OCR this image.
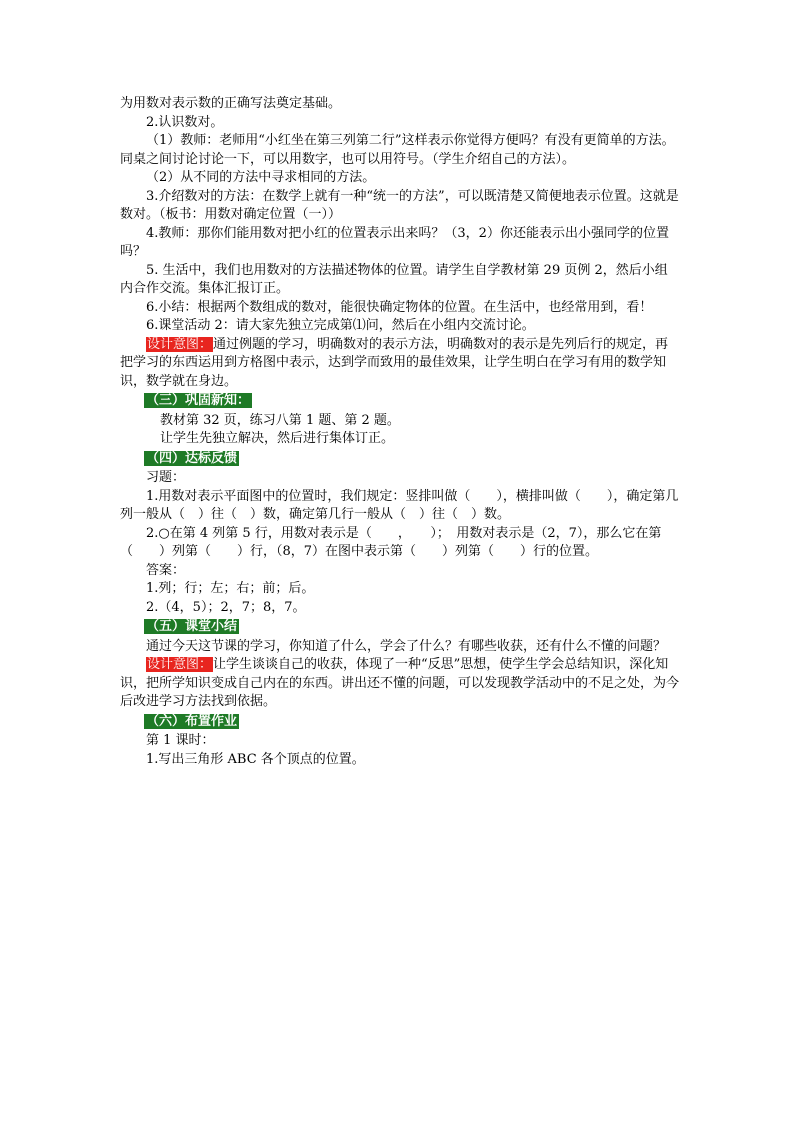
为用数对表示数的正确写法奠定基础。

2.认识数对。

（1）教师：老师用“小红坐在第三列第二行”这样表示你觉得方便吗？有没有更简单的方法。同桌之间讨论讨论一下，可以用数字，也可以用符号。（学生介绍自己的方法）。

（2）从不同的方法中寻求相同的方法。

3.介绍数对的方法：在数学上就有一种“统一的方法”，可以既清楚又简便地表示位置。这就是数对。（板书：用数对确定位置（一））

4.教师：那你们能用数对把小红的位置表示出来吗？（3，2）你还能表示出小强同学的位置吗？

5. 生活中，我们也用数对的方法描述物体的位置。请学生自学教材第 29 页例 2，然后小组内合作交流。集体汇报订正。

6.小结：根据两个数组成的数对，能很快确定物体的位置。在生活中，也经常用到，看！

6.课堂活动 2：请大家先独立完成第⑴问，然后在小组内交流讨论。

设计意图：通过例题的学习，明确数对的表示方法，明确数对的表示是先列后行的规定，再把学习的东西运用到方格图中表示，达到学而致用的最佳效果，让学生明白在学习有用的数学知识，数学就在身边。

（三）巩固新知：

教材第 32 页，练习八第 1 题、第 2 题。

让学生先独立解决，然后进行集体订正。

（四）达标反馈

习题：

1.用数对表示平面图中的位置时，我们规定：竖排叫做（　　），横排叫做（　　），确定第几列一般从（　）往（　）数，确定第几行一般从（　）往（　）数。

2.○在第 4 列第 5 行，用数对表示是（　　，　　）；　用数对表示是（2，7），那么它在第（　　）列第（　　）行，（8，7）在图中表示第（　　）列第（　　）行的位置。

答案：

1.列；行；左；右；前；后。

2.（4，5）；2，7；8，7。

（五）课堂小结

通过今天这节课的学习，你知道了什么，学会了什么？有哪些收获，还有什么不懂的问题？

设计意图：让学生谈谈自己的收获，体现了一种“反思”思想，使学生学会总结知识，深化知识，把所学知识变成自己内在的东西。讲出还不懂的问题，可以发现教学活动中的不足之处，为今后改进学习方法找到依据。

（六）布置作业

第 1 课时：

1.写出三角形 ABC 各个顶点的位置。
